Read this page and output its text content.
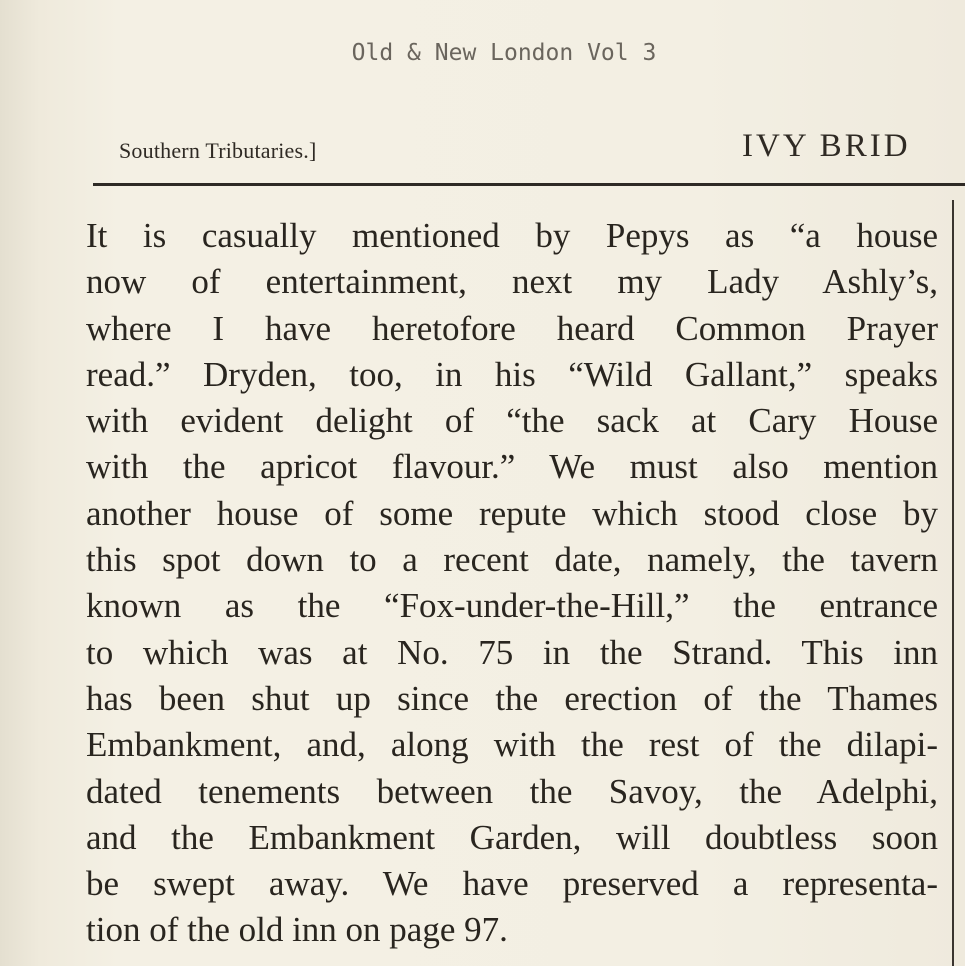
Old & New London Vol 3
Southern Tributaries.]	IVY BRID
It is casually mentioned by Pepys as “a house
now of entertainment, next my Lady Ashly’s,
where I have heretofore heard Common Prayer
read.” Dryden, too, in his “Wild Gallant,” speaks
with evident delight of “the sack at Cary House
with the apricot flavour.” We must also mention
another house of some repute which stood close by
this spot down to a recent date, namely, the tavern
known as the “Fox-under-the-Hill,” the entrance
to which was at No. 75 in the Strand. This inn
has been shut up since the erection of the Thames
Embankment, and, along with the rest of the dilapi-
dated tenements between the Savoy, the Adelphi,
and the Embankment Garden, will doubtless soon
be swept away. We have preserved a representa-
tion of the old inn on page 97.
